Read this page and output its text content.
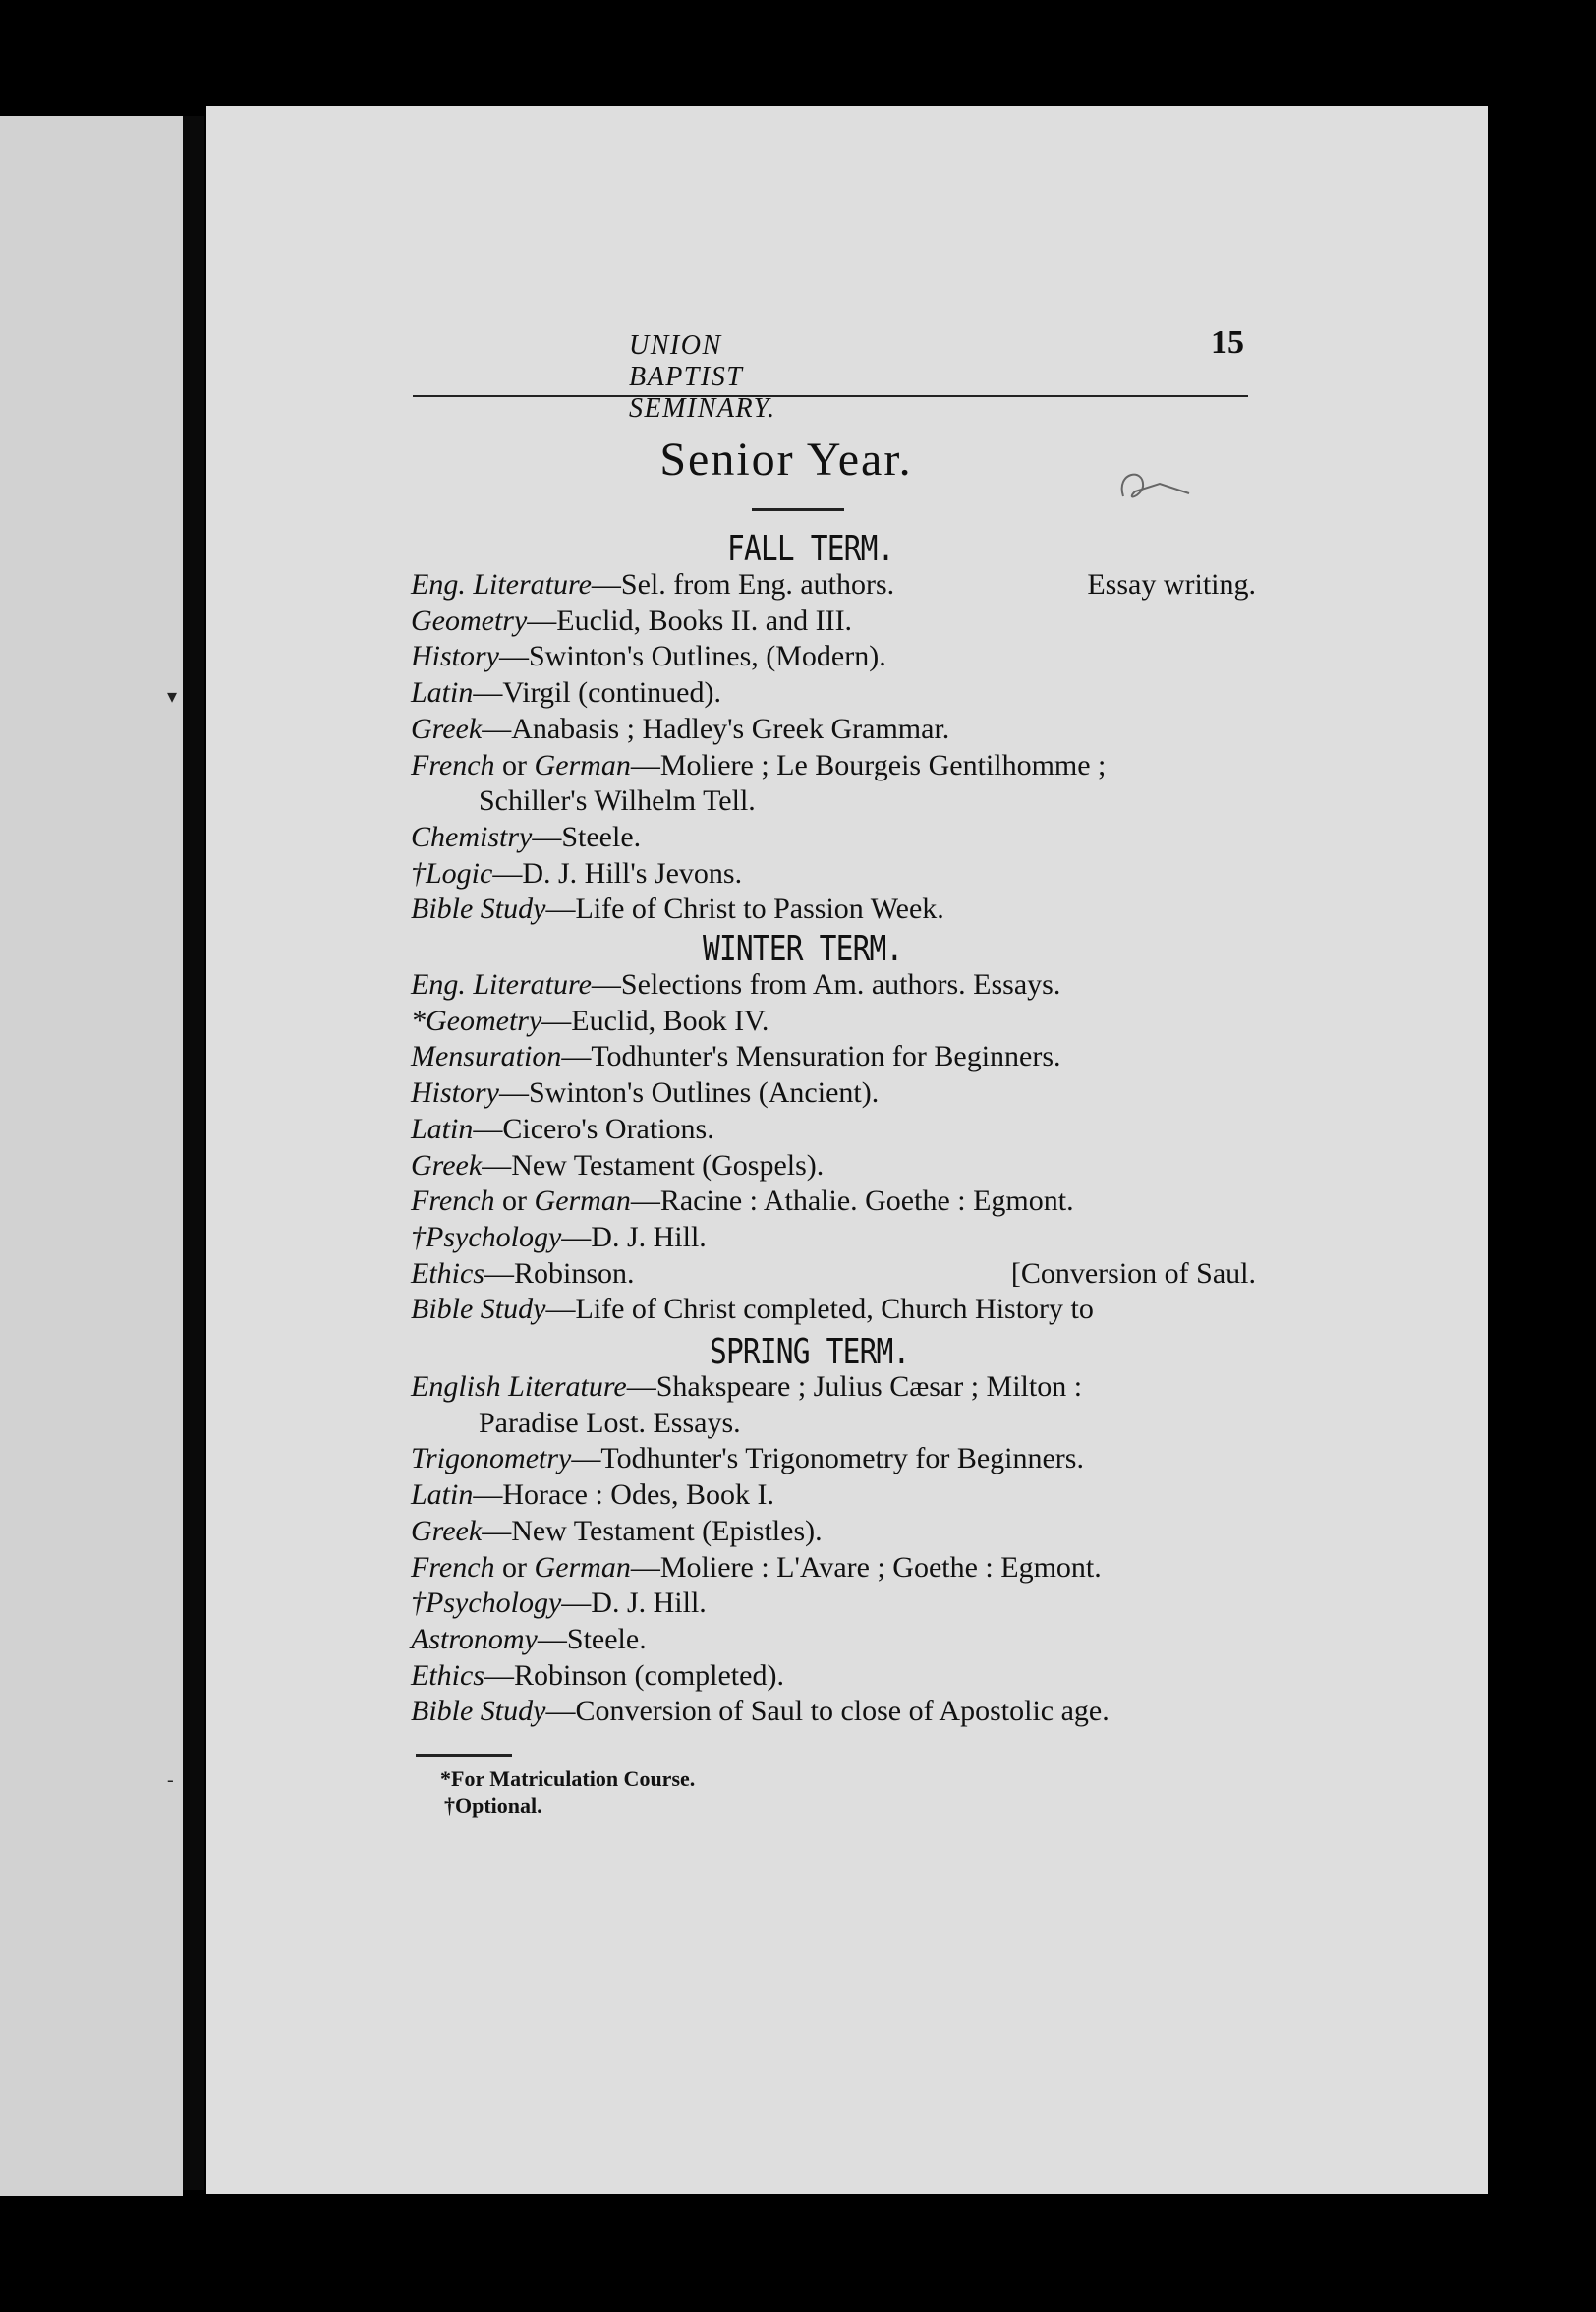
▾
-
UNION BAPTIST SEMINARY.
Senior Year.
FALL TERM.
Eng. Literature—Sel. from Eng. authors.	Essay writing.
Geometry—Euclid, Books II. and III.
History—Swinton's Outlines, (Modern).
Latin—Virgil (continued).
Greek—Anabasis ; Hadley's Greek Grammar.
French or German—Moliere ; Le Bourgeis Gentilhomme ;
Schiller's Wilhelm Tell.
Chemistry—Steele.
†Logic—D. J. Hill's Jevons.
Bible Study—Life of Christ to Passion Week.
WINTER TERM.
Eng. Literature—Selections from Am. authors. Essays.
*Geometry—Euclid, Book IV.
Mensuration—Todhunter's Mensuration for Beginners.
History—Swinton's Outlines (Ancient).
Latin—Cicero's Orations.
Greek—New Testament (Gospels).
French or German—Racine : Athalie. Goethe : Egmont.
†Psychology—D. J. Hill.
Ethics—Robinson.	[Conversion of Saul.
Bible Study—Life of Christ completed, Church History to
SPRING TERM.
English Literature—Shakspeare ; Julius Cæsar ; Milton :
Paradise Lost. Essays.
Trigonometry—Todhunter's Trigonometry for Beginners.
Latin—Horace : Odes, Book I.
Greek—New Testament (Epistles).
French or German—Moliere : L'Avare ; Goethe : Egmont.
†Psychology—D. J. Hill.
Astronomy—Steele.
Ethics—Robinson (completed).
Bible Study—Conversion of Saul to close of Apostolic age.
*For Matriculation Course.
†Optional.
